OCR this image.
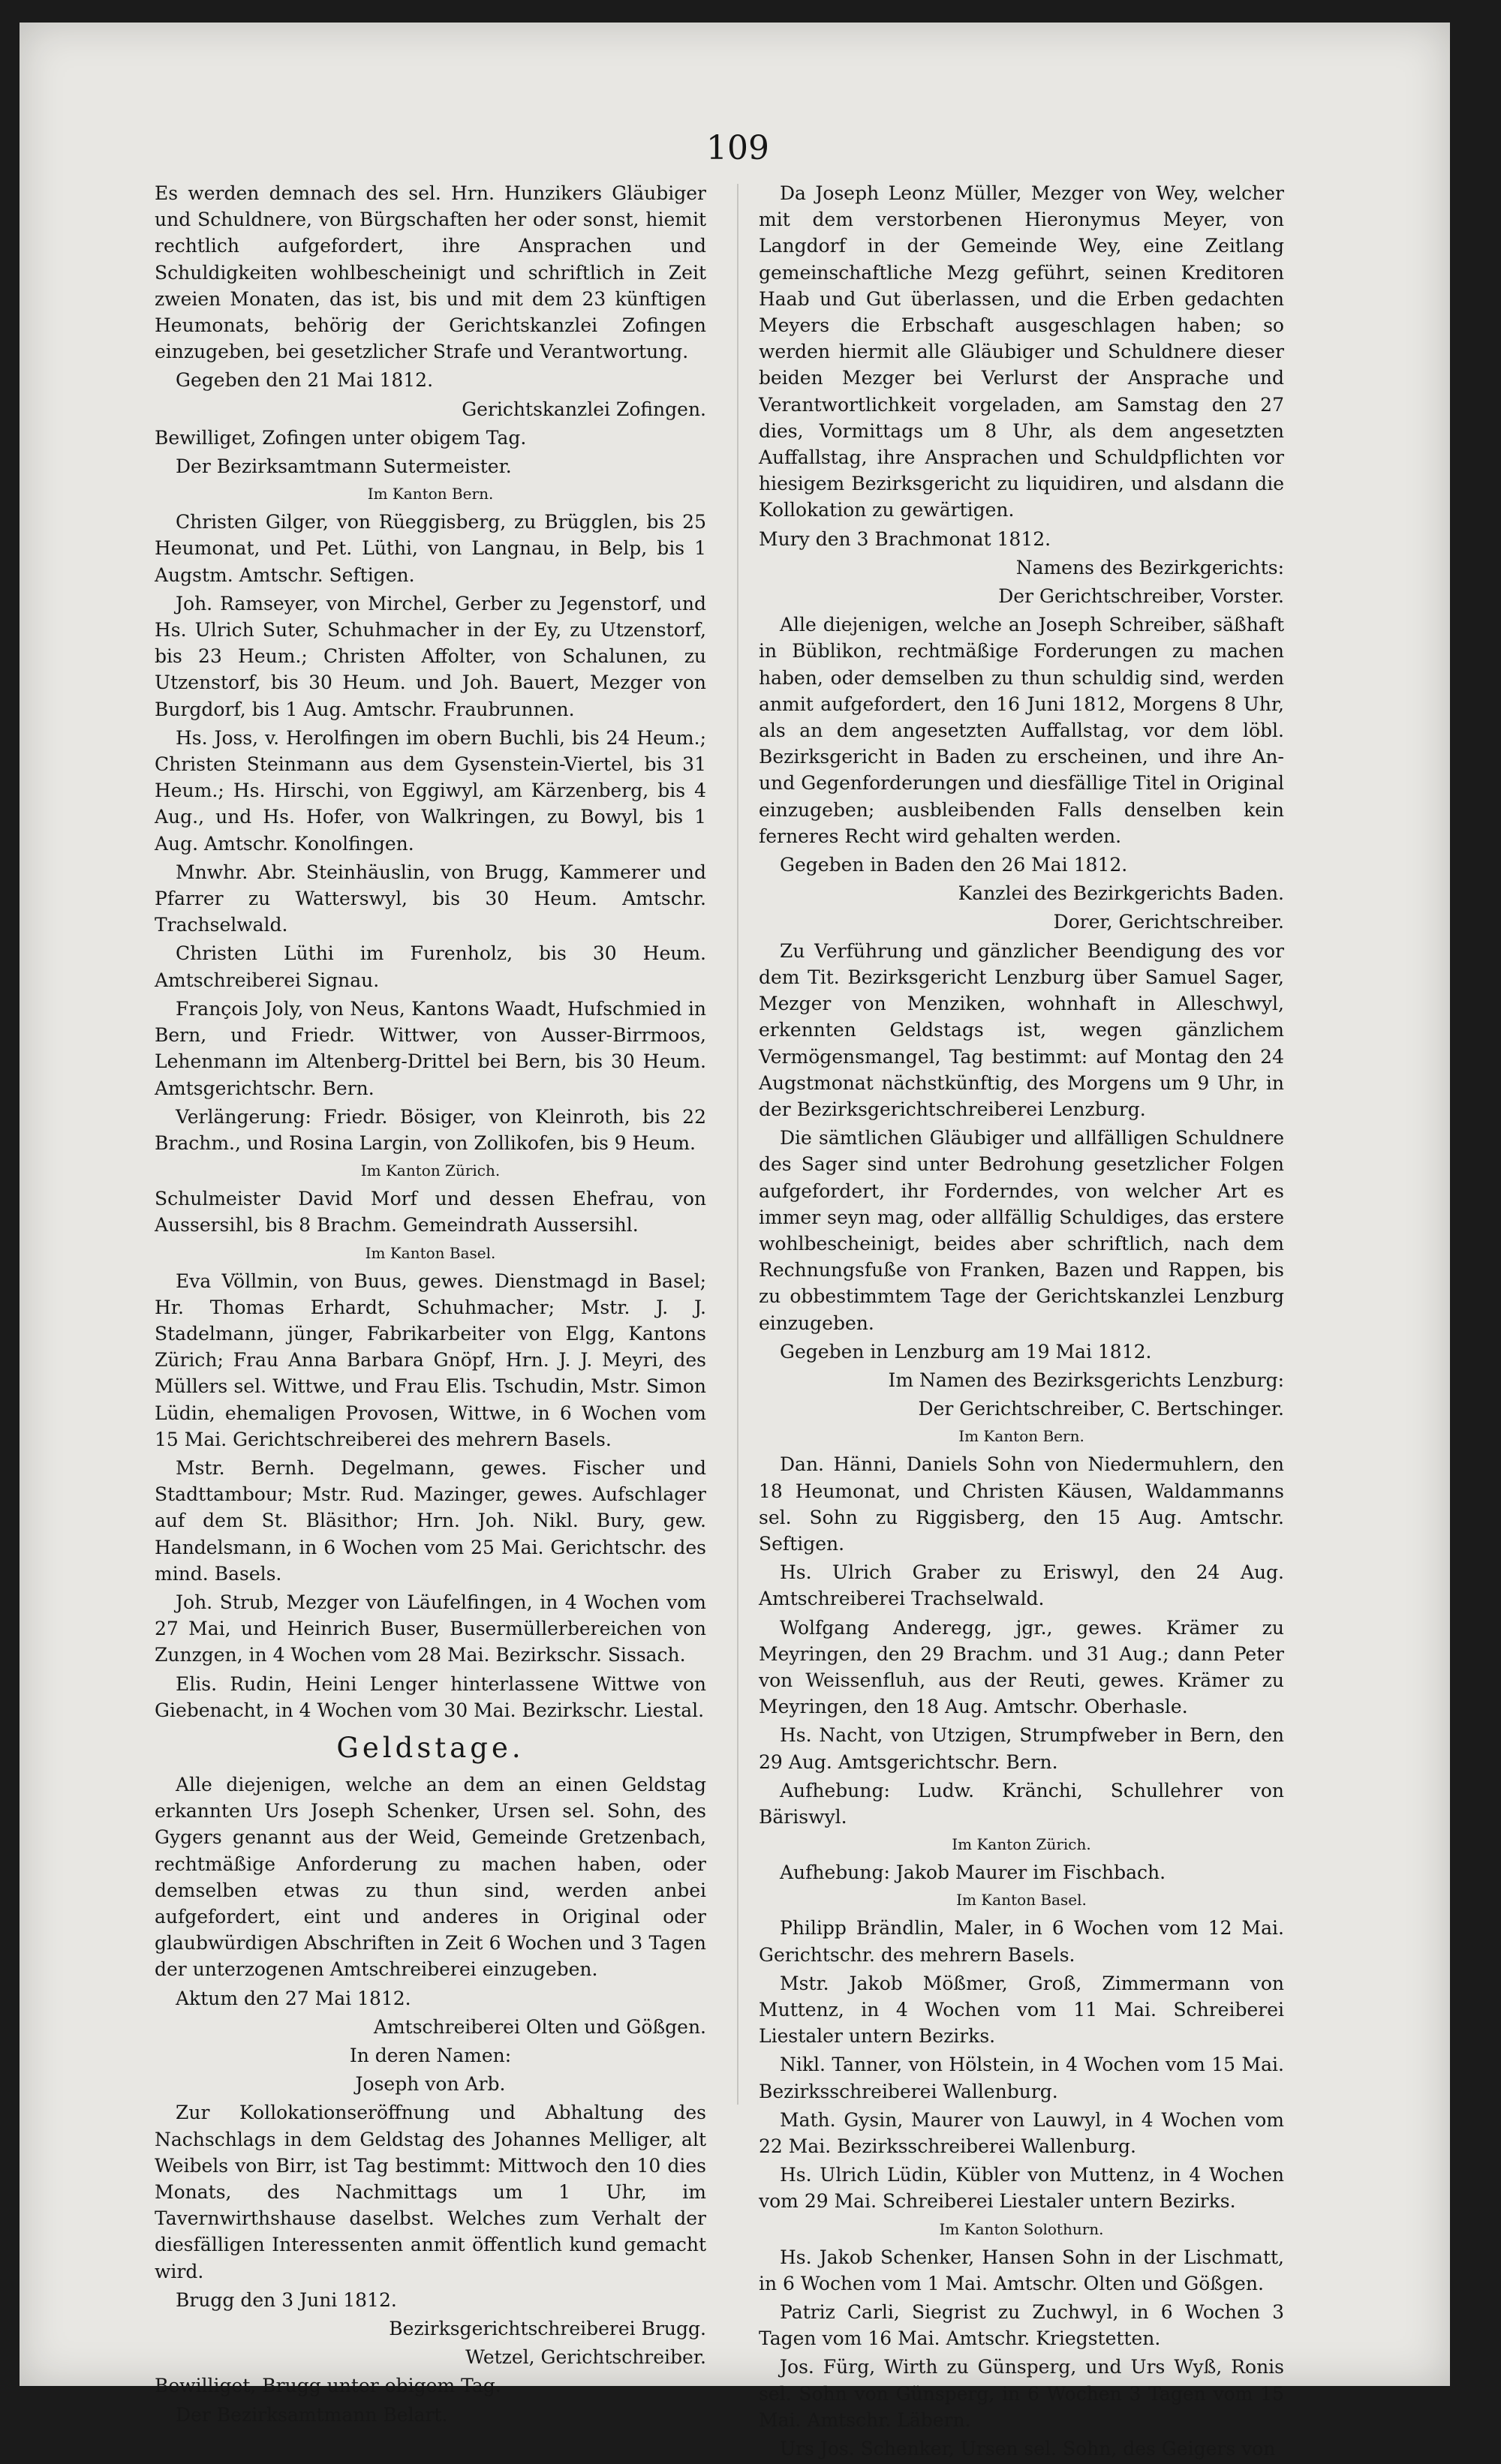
109
Es werden demnach des sel. Hrn. Hunzikers Gläubiger und Schuldnere, von Bürgschaften her oder sonst, hiemit rechtlich aufgefordert, ihre Ansprachen und Schuldigkeiten wohlbescheinigt und schriftlich in Zeit zweien Monaten, das ist, bis und mit dem 23 künftigen Heumonats, behörig der Gerichtskanzlei Zofingen einzugeben, bei gesetzlicher Strafe und Verantwortung.
Gegeben den 21 Mai 1812.
Gerichtskanzlei Zofingen.
Bewilliget, Zofingen unter obigem Tag.
Der Bezirksamtmann Sutermeister.
Im Kanton Bern.
Christen Gilger, von Rüeggisberg, zu Brügglen, bis 25 Heumonat, und Pet. Lüthi, von Langnau, in Belp, bis 1 Augstm. Amtschr. Seftigen.
Joh. Ramseyer, von Mirchel, Gerber zu Jegenstorf, und Hs. Ulrich Suter, Schuhmacher in der Ey, zu Utzenstorf, bis 23 Heum.; Christen Affolter, von Schalunen, zu Utzenstorf, bis 30 Heum. und Joh. Bauert, Mezger von Burgdorf, bis 1 Aug. Amtschr. Fraubrunnen.
Hs. Joss, v. Herolfingen im obern Buchli, bis 24 Heum.; Christen Steinmann aus dem Gysenstein-Viertel, bis 31 Heum.; Hs. Hirschi, von Eggiwyl, am Kärzenberg, bis 4 Aug., und Hs. Hofer, von Walkringen, zu Bowyl, bis 1 Aug. Amtschr. Konolfingen.
Mnwhr. Abr. Steinhäuslin, von Brugg, Kammerer und Pfarrer zu Watterswyl, bis 30 Heum. Amtschr. Trachselwald.
Christen Lüthi im Furenholz, bis 30 Heum. Amtschreiberei Signau.
François Joly, von Neus, Kantons Waadt, Hufschmied in Bern, und Friedr. Wittwer, von Ausser-Birrmoos, Lehenmann im Altenberg-Drittel bei Bern, bis 30 Heum. Amtsgerichtschr. Bern.
Verlängerung: Friedr. Bösiger, von Kleinroth, bis 22 Brachm., und Rosina Largin, von Zollikofen, bis 9 Heum.
Im Kanton Zürich.
Schulmeister David Morf und dessen Ehefrau, von Aussersihl, bis 8 Brachm. Gemeindrath Aussersihl.
Im Kanton Basel.
Eva Völlmin, von Buus, gewes. Dienstmagd in Basel; Hr. Thomas Erhardt, Schuhmacher; Mstr. J. J. Stadelmann, jünger, Fabrikarbeiter von Elgg, Kantons Zürich; Frau Anna Barbara Gnöpf, Hrn. J. J. Meyri, des Müllers sel. Wittwe, und Frau Elis. Tschudin, Mstr. Simon Lüdin, ehemaligen Provosen, Wittwe, in 6 Wochen vom 15 Mai. Gerichtschreiberei des mehrern Basels.
Mstr. Bernh. Degelmann, gewes. Fischer und Stadttambour; Mstr. Rud. Mazinger, gewes. Aufschlager auf dem St. Bläsithor; Hrn. Joh. Nikl. Bury, gew. Handelsmann, in 6 Wochen vom 25 Mai. Gerichtschr. des mind. Basels.
Joh. Strub, Mezger von Läufelfingen, in 4 Wochen vom 27 Mai, und Heinrich Buser, Busermüllerbereichen von Zunzgen, in 4 Wochen vom 28 Mai. Bezirkschr. Sissach.
Elis. Rudin, Heini Lenger hinterlassene Wittwe von Giebenacht, in 4 Wochen vom 30 Mai. Bezirkschr. Liestal.
Geldstage.
Alle diejenigen, welche an dem an einen Geldstag erkannten Urs Joseph Schenker, Ursen sel. Sohn, des Gygers genannt aus der Weid, Gemeinde Gretzenbach, rechtmäßige Anforderung zu machen haben, oder demselben etwas zu thun sind, werden anbei aufgefordert, eint und anderes in Original oder glaubwürdigen Abschriften in Zeit 6 Wochen und 3 Tagen der unterzogenen Amtschreiberei einzugeben.
Aktum den 27 Mai 1812.
Amtschreiberei Olten und Gößgen.
In deren Namen:
Joseph von Arb.
Zur Kollokationseröffnung und Abhaltung des Nachschlags in dem Geldstag des Johannes Melliger, alt Weibels von Birr, ist Tag bestimmt: Mittwoch den 10 dies Monats, des Nachmittags um 1 Uhr, im Tavernwirthshause daselbst. Welches zum Verhalt der diesfälligen Interessenten anmit öffentlich kund gemacht wird.
Brugg den 3 Juni 1812.
Bezirksgerichtschreiberei Brugg.
Wetzel, Gerichtschreiber.
Bewilliget, Brugg unter obigem Tag.
Der Bezirksamtmann Belart.
Da Joseph Leonz Müller, Mezger von Wey, welcher mit dem verstorbenen Hieronymus Meyer, von Langdorf in der Gemeinde Wey, eine Zeitlang gemeinschaftliche Mezg geführt, seinen Kreditoren Haab und Gut überlassen, und die Erben gedachten Meyers die Erbschaft ausgeschlagen haben; so werden hiermit alle Gläubiger und Schuldnere dieser beiden Mezger bei Verlurst der Ansprache und Verantwortlichkeit vorgeladen, am Samstag den 27 dies, Vormittags um 8 Uhr, als dem angesetzten Auffallstag, ihre Ansprachen und Schuldpflichten vor hiesigem Bezirksgericht zu liquidiren, und alsdann die Kollokation zu gewärtigen.
Mury den 3 Brachmonat 1812.
Namens des Bezirkgerichts:
Der Gerichtschreiber, Vorster.
Alle diejenigen, welche an Joseph Schreiber, säßhaft in Büblikon, rechtmäßige Forderungen zu machen haben, oder demselben zu thun schuldig sind, werden anmit aufgefordert, den 16 Juni 1812, Morgens 8 Uhr, als an dem angesetzten Auffallstag, vor dem löbl. Bezirksgericht in Baden zu erscheinen, und ihre An- und Gegenforderungen und diesfällige Titel in Original einzugeben; ausbleibenden Falls denselben kein ferneres Recht wird gehalten werden.
Gegeben in Baden den 26 Mai 1812.
Kanzlei des Bezirkgerichts Baden.
Dorer, Gerichtschreiber.
Zu Verführung und gänzlicher Beendigung des vor dem Tit. Bezirksgericht Lenzburg über Samuel Sager, Mezger von Menziken, wohnhaft in Alleschwyl, erkennten Geldstags ist, wegen gänzlichem Vermögensmangel, Tag bestimmt: auf Montag den 24 Augstmonat nächstkünftig, des Morgens um 9 Uhr, in der Bezirksgerichtschreiberei Lenzburg.
Die sämtlichen Gläubiger und allfälligen Schuldnere des Sager sind unter Bedrohung gesetzlicher Folgen aufgefordert, ihr Forderndes, von welcher Art es immer seyn mag, oder allfällig Schuldiges, das erstere wohlbescheinigt, beides aber schriftlich, nach dem Rechnungsfuße von Franken, Bazen und Rappen, bis zu obbestimmtem Tage der Gerichtskanzlei Lenzburg einzugeben.
Gegeben in Lenzburg am 19 Mai 1812.
Im Namen des Bezirksgerichts Lenzburg:
Der Gerichtschreiber, C. Bertschinger.
Im Kanton Bern.
Dan. Hänni, Daniels Sohn von Niedermuhlern, den 18 Heumonat, und Christen Käusen, Waldammanns sel. Sohn zu Riggisberg, den 15 Aug. Amtschr. Seftigen.
Hs. Ulrich Graber zu Eriswyl, den 24 Aug. Amtschreiberei Trachselwald.
Wolfgang Anderegg, jgr., gewes. Krämer zu Meyringen, den 29 Brachm. und 31 Aug.; dann Peter von Weissenfluh, aus der Reuti, gewes. Krämer zu Meyringen, den 18 Aug. Amtschr. Oberhasle.
Hs. Nacht, von Utzigen, Strumpfweber in Bern, den 29 Aug. Amtsgerichtschr. Bern.
Aufhebung: Ludw. Kränchi, Schullehrer von Bäriswyl.
Im Kanton Zürich.
Aufhebung: Jakob Maurer im Fischbach.
Im Kanton Basel.
Philipp Brändlin, Maler, in 6 Wochen vom 12 Mai. Gerichtschr. des mehrern Basels.
Mstr. Jakob Mößmer, Groß, Zimmermann von Muttenz, in 4 Wochen vom 11 Mai. Schreiberei Liestaler untern Bezirks.
Nikl. Tanner, von Hölstein, in 4 Wochen vom 15 Mai. Bezirksschreiberei Wallenburg.
Math. Gysin, Maurer von Lauwyl, in 4 Wochen vom 22 Mai. Bezirksschreiberei Wallenburg.
Hs. Ulrich Lüdin, Kübler von Muttenz, in 4 Wochen vom 29 Mai. Schreiberei Liestaler untern Bezirks.
Im Kanton Solothurn.
Hs. Jakob Schenker, Hansen Sohn in der Lischmatt, in 6 Wochen vom 1 Mai. Amtschr. Olten und Gößgen.
Patriz Carli, Siegrist zu Zuchwyl, in 6 Wochen 3 Tagen vom 16 Mai. Amtschr. Kriegstetten.
Jos. Fürg, Wirth zu Günsperg, und Urs Wyß, Ronis sel. Sohn von Günsperg, in 6 Wochen 3 Tagen vom 15 Mai. Amtschr. Läbern.
Urs Jos. Schenker, Ursen sel. Sohn, des Geigers von
